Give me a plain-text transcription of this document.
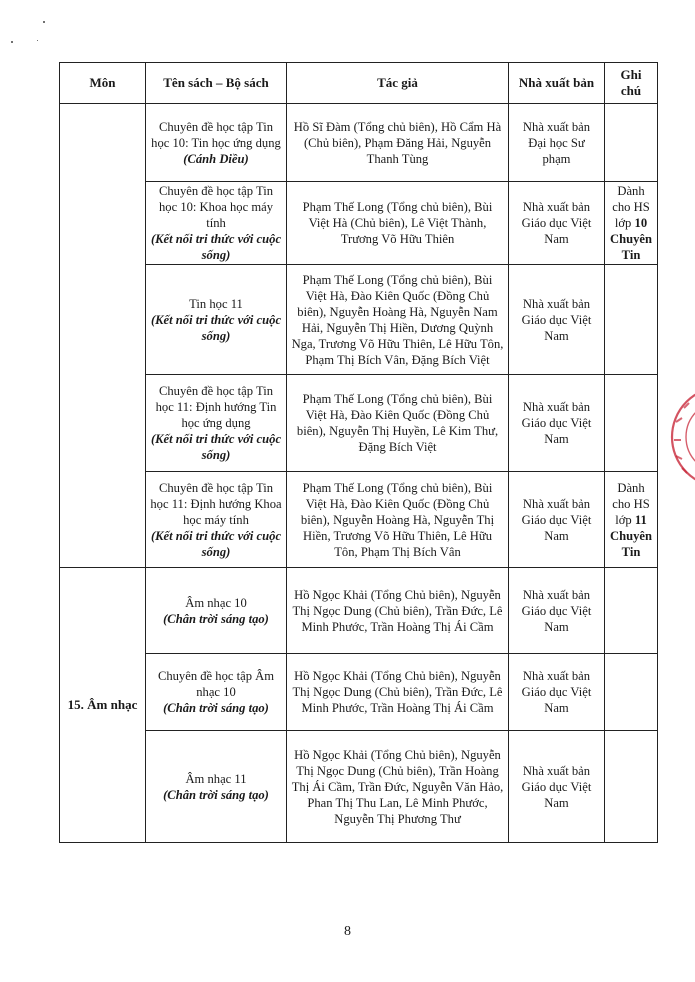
Môn	Tên sách – Bộ sách	Tác giả	Nhà xuất bản	Ghi chú

	Chuyên đề học tập Tin học 10: Tin học ứng dụng
(Cánh Diều)	Hồ Sĩ Đàm (Tổng chủ biên), Hồ Cẩm Hà (Chủ biên), Phạm Đăng Hải, Nguyễn Thanh Tùng	Nhà xuất bản Đại học Sư phạm	

	Chuyên đề học tập Tin học 10: Khoa học máy tính
(Kết nối tri thức với cuộc sống)	Phạm Thế Long (Tổng chủ biên), Bùi Việt Hà (Chủ biên), Lê Việt Thành, Trương Võ Hữu Thiên	Nhà xuất bản Giáo dục Việt Nam	Dành cho HS lớp 10 Chuyên Tin

	Tin học 11
(Kết nối tri thức với cuộc sống)	Phạm Thế Long (Tổng chủ biên), Bùi Việt Hà, Đào Kiên Quốc (Đồng Chủ biên), Nguyễn Hoàng Hà, Nguyễn Nam Hải, Nguyễn Thị Hiền, Dương Quỳnh Nga, Trương Võ Hữu Thiên, Lê Hữu Tôn, Phạm Thị Bích Vân, Đặng Bích Việt	Nhà xuất bản Giáo dục Việt Nam	

	Chuyên đề học tập Tin học 11: Định hướng Tin học ứng dụng
(Kết nối tri thức với cuộc sống)	Phạm Thế Long (Tổng chủ biên), Bùi Việt Hà, Đào Kiên Quốc (Đồng Chủ biên), Nguyễn Thị Huyền, Lê Kim Thư, Đặng Bích Việt	Nhà xuất bản Giáo dục Việt Nam	

	Chuyên đề học tập Tin học 11: Định hướng Khoa học máy tính
(Kết nối tri thức với cuộc sống)	Phạm Thế Long (Tổng chủ biên), Bùi Việt Hà, Đào Kiên Quốc (Đồng Chủ biên), Nguyễn Hoàng Hà, Nguyễn Thị Hiền, Trương Võ Hữu Thiên, Lê Hữu Tôn, Phạm Thị Bích Vân	Nhà xuất bản Giáo dục Việt Nam	Dành cho HS lớp 11 Chuyên Tin
15. Âm nhạc	Âm nhạc 10
(Chân trời sáng tạo)	Hồ Ngọc Khải (Tổng Chủ biên), Nguyễn Thị Ngọc Dung (Chủ biên), Trần Đức, Lê Minh Phước, Trần Hoàng Thị Ái Cầm	Nhà xuất bản Giáo dục Việt Nam	

	Chuyên đề học tập Âm nhạc 10
(Chân trời sáng tạo)	Hồ Ngọc Khải (Tổng Chủ biên), Nguyễn Thị Ngọc Dung (Chủ biên), Trần Đức, Lê Minh Phước, Trần Hoàng Thị Ái Cầm	Nhà xuất bản Giáo dục Việt Nam	

	Âm nhạc 11
(Chân trời sáng tạo)	Hồ Ngọc Khải (Tổng Chủ biên), Nguyễn Thị Ngọc Dung (Chủ biên), Trần Hoàng Thị Ái Cầm, Trần Đức, Nguyễn Văn Hảo, Phan Thị Thu Lan, Lê Minh Phước, Nguyễn Thị Phương Thư	Nhà xuất bản Giáo dục Việt Nam	
8
